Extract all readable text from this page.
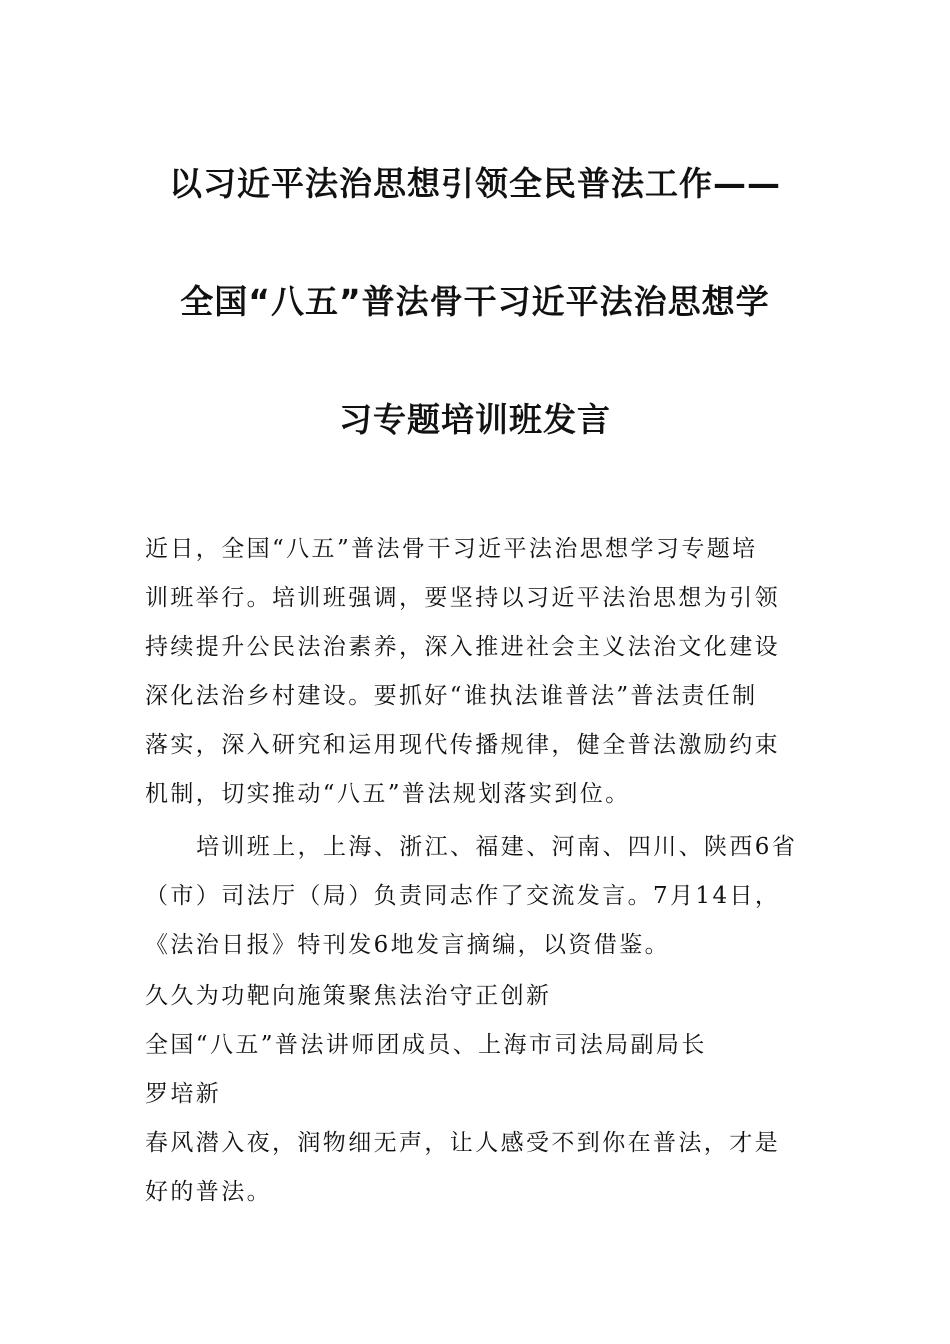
以习近平法治思想引领全民普法工作——
全国“八五”普法骨干习近平法治思想学
习专题培训班发言
近日，全国“八五”普法骨干习近平法治思想学习专题培
训班举行。培训班强调，要坚持以习近平法治思想为引领
持续提升公民法治素养，深入推进社会主义法治文化建设
深化法治乡村建设。要抓好“谁执法谁普法”普法责任制
落实，深入研究和运用现代传播规律，健全普法激励约束
机制，切实推动“八五”普法规划落实到位。
培训班上，上海、浙江、福建、河南、四川、陕西6省
（市）司法厅（局）负责同志作了交流发言。7月14日，
《法治日报》特刊发6地发言摘编，以资借鉴。
久久为功靶向施策聚焦法治守正创新
全国“八五”普法讲师团成员、上海市司法局副局长
罗培新
春风潜入夜，润物细无声，让人感受不到你在普法，才是
好的普法。
